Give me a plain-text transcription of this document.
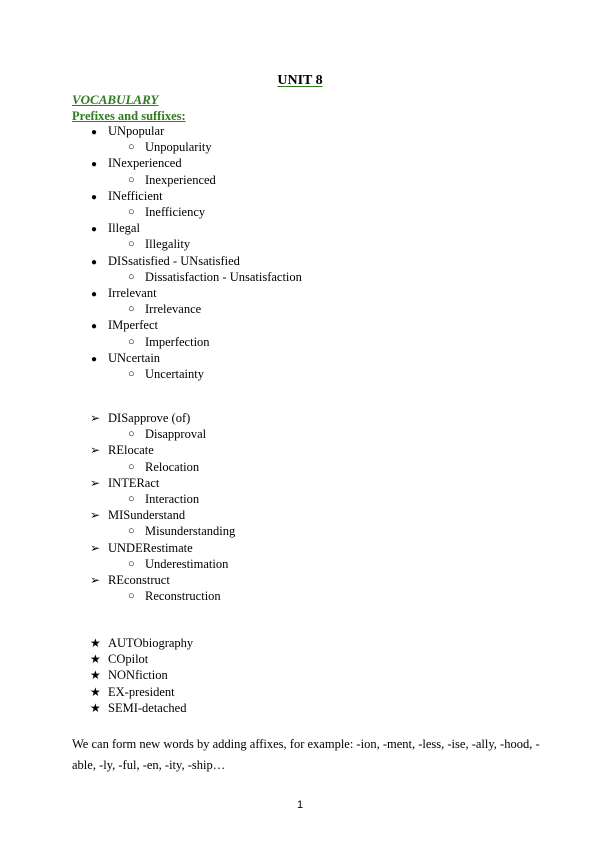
UNIT 8
VOCABULARY
Prefixes and suffixes:
● UNpopular
○ Unpopularity
● INexperienced
○ Inexperienced
● INefficient
○ Inefficiency
● Illegal
○ Illegality
● DISsatisfied - UNsatisfied
○ Dissatisfaction - Unsatisfaction
● Irrelevant
○ Irrelevance
● IMperfect
○ Imperfection
● UNcertain
○ Uncertainty
➢ DISapprove (of)
○ Disapproval
➢ RElocate
○ Relocation
➢ INTERact
○ Interaction
➢ MISunderstand
○ Misunderstanding
➢ UNDERestimate
○ Underestimation
➢ REconstruct
○ Reconstruction
★ AUTObiography
★ COpilot
★ NONfiction
★ EX-president
★ SEMI-detached
We can form new words by adding affixes, for example: -ion, -ment, -less, -ise, -ally, -hood, -
able, -ly, -ful, -en, -ity, -ship…
1
